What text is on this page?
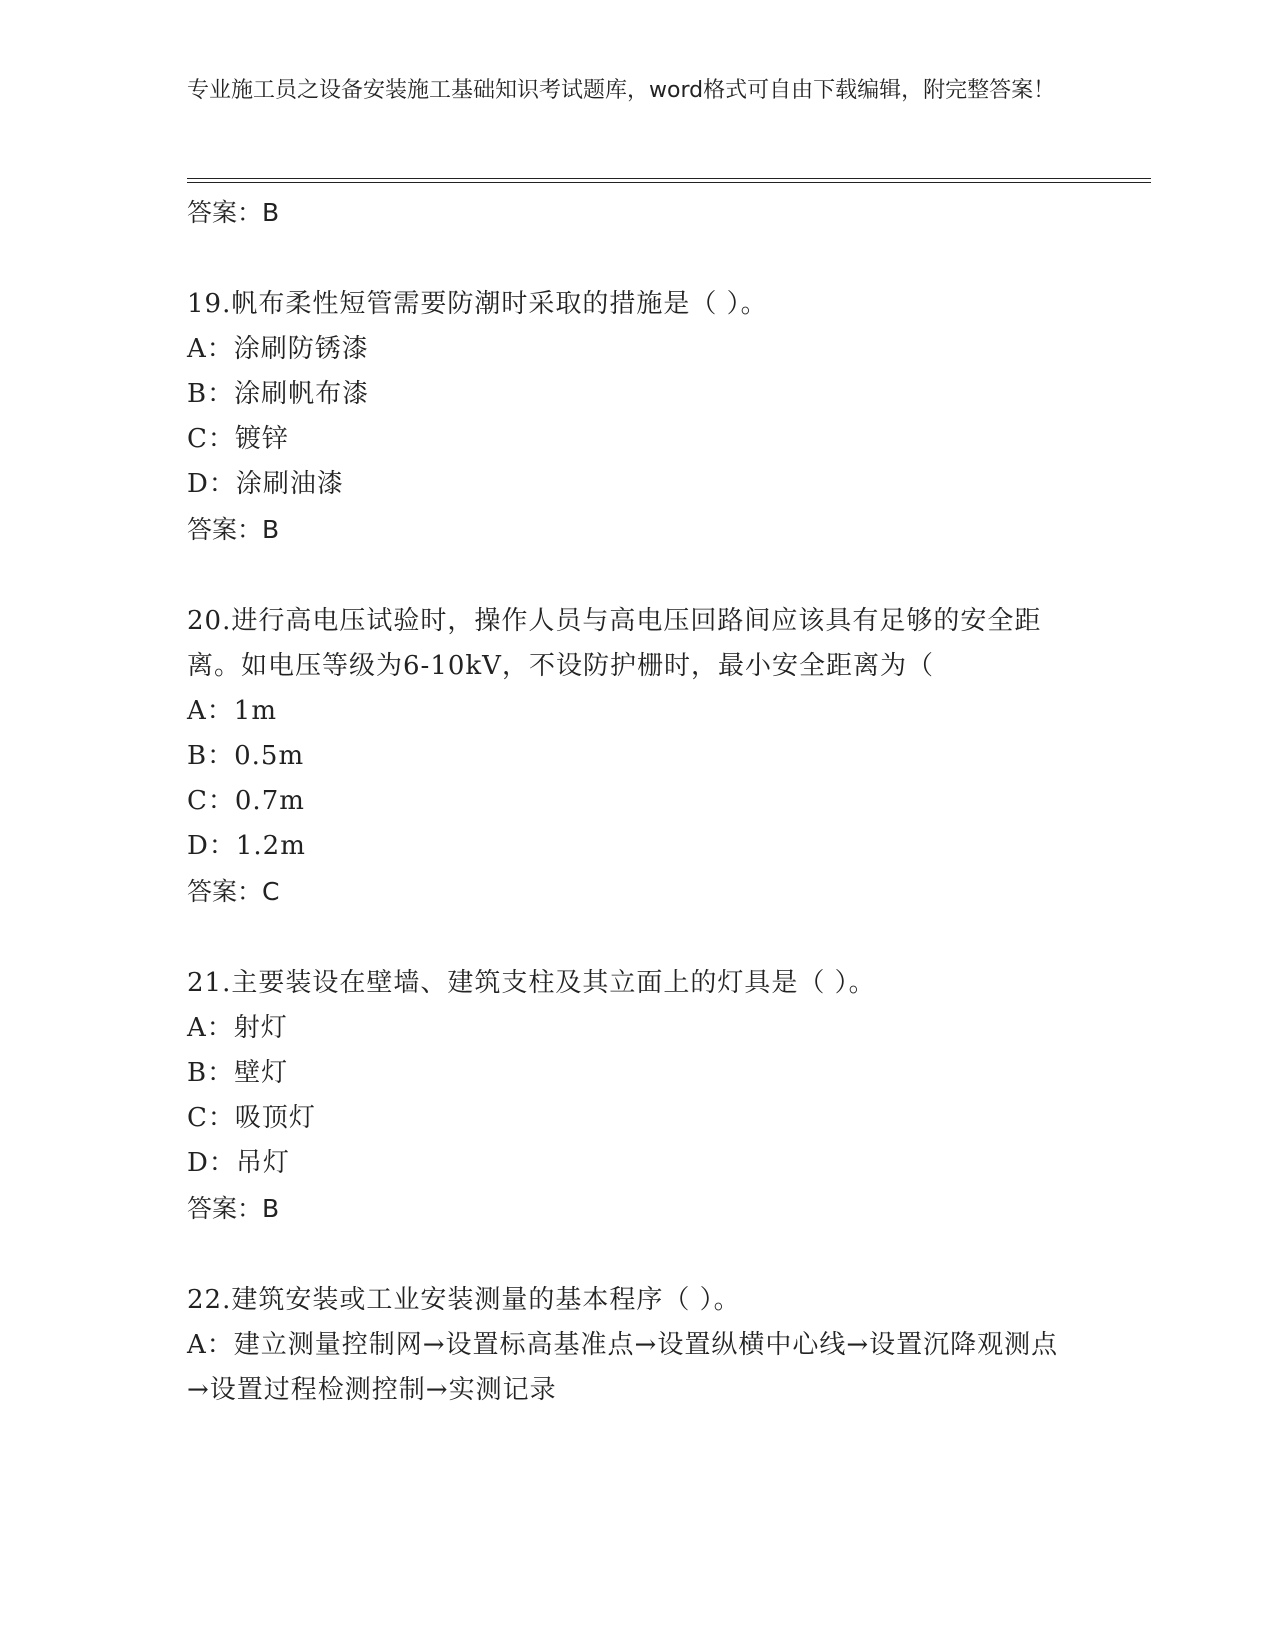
专业施工员之设备安装施工基础知识考试题库，word格式可自由下载编辑，附完整答案！
答案：B
19.帆布柔性短管需要防潮时采取的措施是（ ）。
A：涂刷防锈漆
B：涂刷帆布漆
C：镀锌
D：涂刷油漆
答案：B
20.进行高电压试验时，操作人员与高电压回路间应该具有足够的安全距离。如电压等级为6-10kV，不设防护栅时，最小安全距离为（
A：1m
B：0.5m
C：0.7m
D：1.2m
答案：C
21.主要装设在壁墙、建筑支柱及其立面上的灯具是（ ）。
A：射灯
B：壁灯
C：吸顶灯
D：吊灯
答案：B
22.建筑安装或工业安装测量的基本程序（ ）。
A：建立测量控制网→设置标高基准点→设置纵横中心线→设置沉降观测点→设置过程检测控制→实测记录
